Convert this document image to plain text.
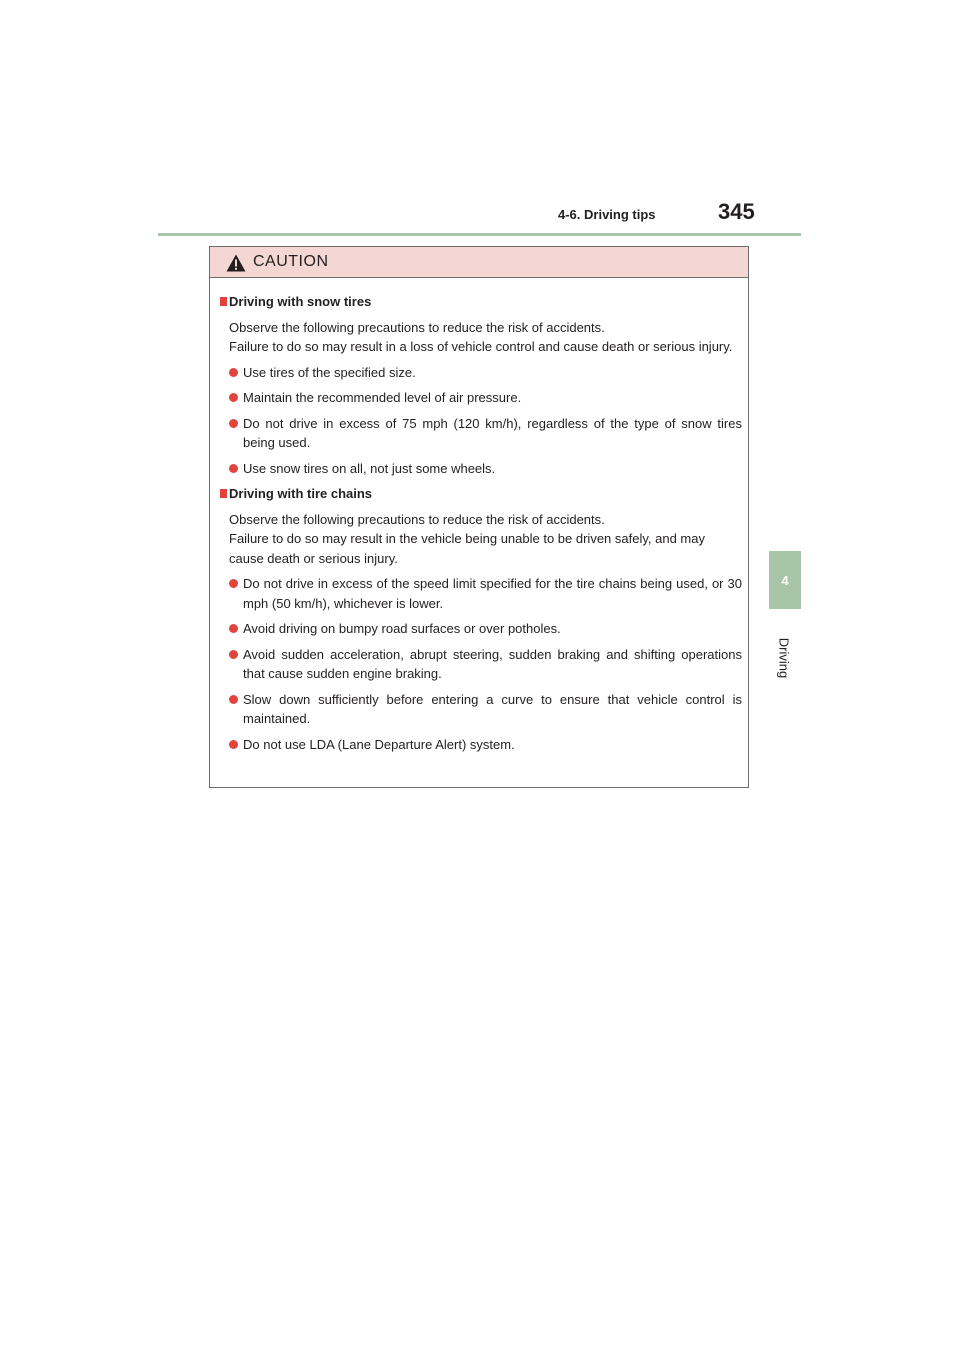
4-6. Driving tips	345
4
Driving
CAUTION
Driving with snow tires
Observe the following precautions to reduce the risk of accidents.
Failure to do so may result in a loss of vehicle control and cause death or serious injury.
Use tires of the specified size.
Maintain the recommended level of air pressure.
Do not drive in excess of 75 mph (120 km/h), regardless of the type of snow tires being used.
Use snow tires on all, not just some wheels.
Driving with tire chains
Observe the following precautions to reduce the risk of accidents.
Failure to do so may result in the vehicle being unable to be driven safely, and may cause death or serious injury.
Do not drive in excess of the speed limit specified for the tire chains being used, or 30 mph (50 km/h), whichever is lower.
Avoid driving on bumpy road surfaces or over potholes.
Avoid sudden acceleration, abrupt steering, sudden braking and shifting operations that cause sudden engine braking.
Slow down sufficiently before entering a curve to ensure that vehicle control is maintained.
Do not use LDA (Lane Departure Alert) system.
